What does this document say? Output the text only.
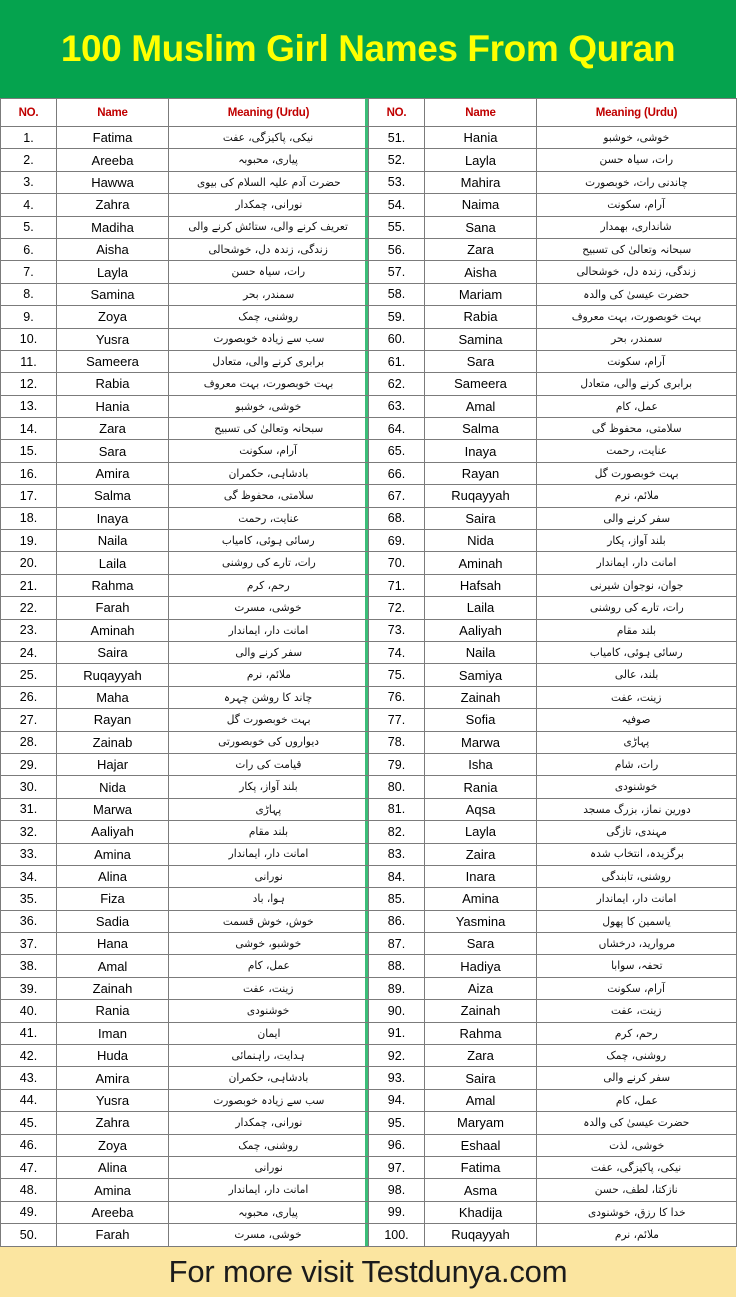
100 Muslim Girl Names From Quran
NO.	Name	Meaning (Urdu)
1.	Fatima	نیکی، پاکیزگی، عفت
2.	Areeba	پیاری، محبوبہ
3.	Hawwa	حضرت آدم علیہ السلام کی بیوی
4.	Zahra	نورانی، چمکدار
5.	Madiha	تعریف کرنے والی، ستائش کرنے والی
6.	Aisha	زندگی، زندہ دل، خوشحالی
7.	Layla	رات، سیاہ حسن
8.	Samina	سمندر، بحر
9.	Zoya	روشنی، چمک
10.	Yusra	سب سے زیادہ خوبصورت
11.	Sameera	برابری کرنے والی، متعادل
12.	Rabia	بہت خوبصورت، بہت معروف
13.	Hania	خوشی، خوشبو
14.	Zara	سبحانہ وتعالیٰ کی تسبیح
15.	Sara	آرام، سکونت
16.	Amira	بادشاہی، حکمران
17.	Salma	سلامتی، محفوظ گی
18.	Inaya	عنایت، رحمت
19.	Naila	رسائی ہوئی، کامیاب
20.	Laila	رات، تارے کی روشنی
21.	Rahma	رحم، کرم
22.	Farah	خوشی، مسرت
23.	Aminah	امانت دار، ایماندار
24.	Saira	سفر کرنے والی
25.	Ruqayyah	ملائم، نرم
26.	Maha	چاند کا روشن چہرہ
27.	Rayan	بہت خوبصورت گل
28.	Zainab	دیواروں کی خوبصورتی
29.	Hajar	قیامت کی رات
30.	Nida	بلند آواز، پکار
31.	Marwa	پہاڑی
32.	Aaliyah	بلند مقام
33.	Amina	امانت دار، ایماندار
34.	Alina	نورانی
35.	Fiza	ہوا، باد
36.	Sadia	خوش، خوش قسمت
37.	Hana	خوشبو، خوشی
38.	Amal	عمل، کام
39.	Zainah	زینت، عفت
40.	Rania	خوشنودی
41.	Iman	ایمان
42.	Huda	ہدایت، راہنمائی
43.	Amira	بادشاہی، حکمران
44.	Yusra	سب سے زیادہ خوبصورت
45.	Zahra	نورانی، چمکدار
46.	Zoya	روشنی، چمک
47.	Alina	نورانی
48.	Amina	امانت دار، ایماندار
49.	Areeba	پیاری، محبوبہ
50.	Farah	خوشی، مسرت
NO.	Name	Meaning (Urdu)
51.	Hania	خوشی، خوشبو
52.	Layla	رات، سیاہ حسن
53.	Mahira	چاندنی رات، خوبصورت
54.	Naima	آرام، سکونت
55.	Sana	شانداری، بھمدار
56.	Zara	سبحانہ وتعالیٰ کی تسبیح
57.	Aisha	زندگی، زندہ دل، خوشحالی
58.	Mariam	حضرت عیسیٰ کی والدہ
59.	Rabia	بہت خوبصورت، بہت معروف
60.	Samina	سمندر، بحر
61.	Sara	آرام، سکونت
62.	Sameera	برابری کرنے والی، متعادل
63.	Amal	عمل، کام
64.	Salma	سلامتی، محفوظ گی
65.	Inaya	عنایت، رحمت
66.	Rayan	بہت خوبصورت گل
67.	Ruqayyah	ملائم، نرم
68.	Saira	سفر کرنے والی
69.	Nida	بلند آواز، پکار
70.	Aminah	امانت دار، ایماندار
71.	Hafsah	جوان، نوجوان شیرنی
72.	Laila	رات، تارے کی روشنی
73.	Aaliyah	بلند مقام
74.	Naila	رسائی ہوئی، کامیاب
75.	Samiya	بلند، عالی
76.	Zainah	زینت، عفت
77.	Sofia	صوفیہ
78.	Marwa	پہاڑی
79.	Isha	رات، شام
80.	Rania	خوشنودی
81.	Aqsa	دورین نماز، بزرگ مسجد
82.	Layla	مہندی، تازگی
83.	Zaira	برگزیدہ، انتخاب شدہ
84.	Inara	روشنی، تابندگی
85.	Amina	امانت دار، ایماندار
86.	Yasmina	یاسمین کا پھول
87.	Sara	مروارید، درخشاں
88.	Hadiya	تحفہ، سوابا
89.	Aiza	آرام، سکونت
90.	Zainah	زینت، عفت
91.	Rahma	رحم، کرم
92.	Zara	روشنی، چمک
93.	Saira	سفر کرنے والی
94.	Amal	عمل، کام
95.	Maryam	حضرت عیسیٰ کی والدہ
96.	Eshaal	خوشی، لذت
97.	Fatima	نیکی، پاکیزگی، عفت
98.	Asma	نازکتا، لطف، حسن
99.	Khadija	خدا کا رزق، خوشنودی
100.	Ruqayyah	ملائم، نرم
For more visit Testdunya.com
